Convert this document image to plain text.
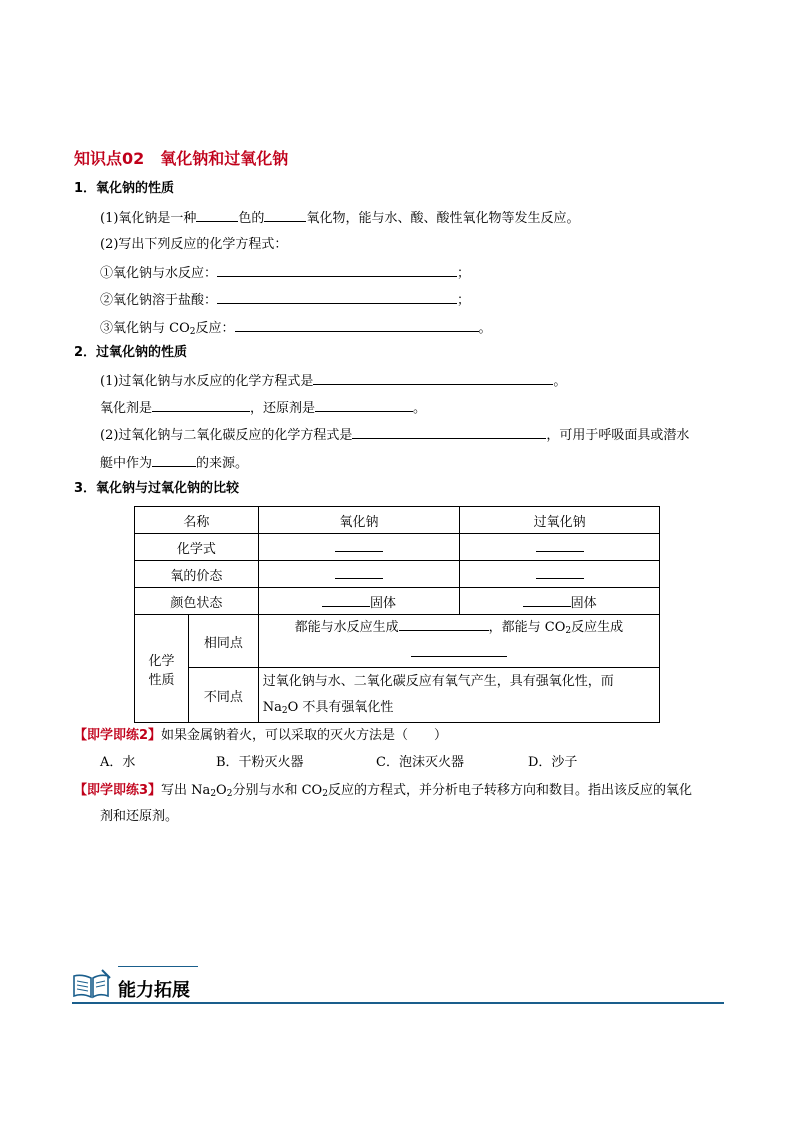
知识点02 氧化钠和过氧化钠
1．氧化钠的性质
(1)氧化钠是一种	色的	氧化物，能与水、酸、酸性氧化物等发生反应。
(2)写出下列反应的化学方程式：
①氧化钠与水反应：	；
②氧化钠溶于盐酸：	；
③氧化钠与 $CO_2$反应：	。
2．过氧化钠的性质
(1)过氧化钠与水反应的化学方程式是	。
氧化剂是	，还原剂是	。
(2)过氧化钠与二氧化碳反应的化学方程式是	，可用于呼吸面具或潜水
艇中作为	的来源。
3．氧化钠与过氧化钠的比较
名称		氧化钠	过氧化钠
化学式			
氧的价态			
颜色状态		固体	固体
化学
性质	相同点	都能与水反应生成 ，都能与 $CO_2$反应生成	

	不同点	过氧化钠与水、二氧化碳反应有氧气产生，具有强氧化性，而
$Na_2O$ 不具有强氧化性	
【即学即练2】如果金属钠着火，可以采取的灭火方法是（　　）
A．水	B．干粉灭火器	C．泡沫灭火器	D．沙子
【即学即练3】写出 $Na_2O_2$分别与水和 $CO_2$反应的方程式，并分析电子转移方向和数目。指出该反应的氧化
剂和还原剂。
能力拓展
